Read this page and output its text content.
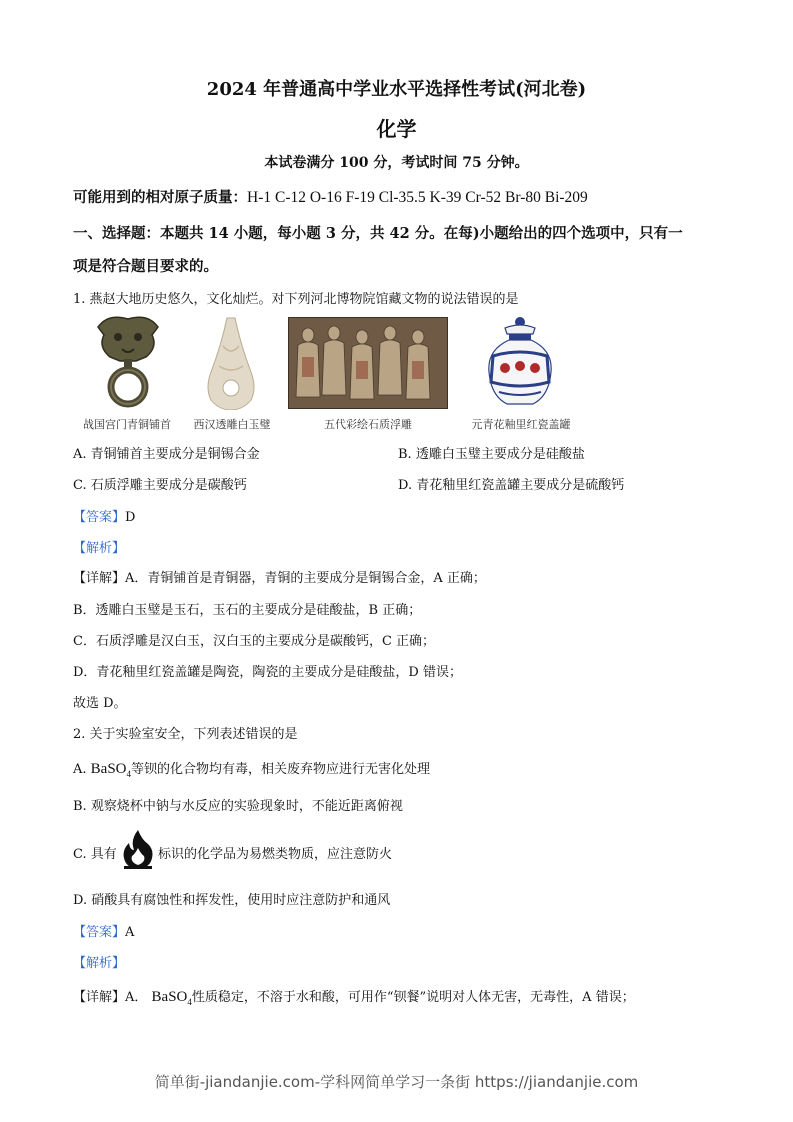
2024 年普通高中学业水平选择性考试(河北卷)
化学
本试卷满分 100 分，考试时间 75 分钟。
可能用到的相对原子质量：H-1 C-12 O-16 F-19 Cl-35.5 K-39 Cr-52 Br-80 Bi-209
一、选择题：本题共 14 小题，每小题 3 分，共 42 分。在每)小题给出的四个选项中，只有一
项是符合题目要求的。
1. 燕赵大地历史悠久，文化灿烂。对下列河北博物院馆藏文物的说法错误的是
战国宫门青铜铺首	西汉透雕白玉璧	五代彩绘石质浮雕	元青花釉里红瓷盖罐
A. 青铜铺首主要成分是铜锡合金	B. 透雕白玉璧主要成分是硅酸盐
C. 石质浮雕主要成分是碳酸钙	D. 青花釉里红瓷盖罐主要成分是硫酸钙
【答案】D
【解析】
【详解】A．青铜铺首是青铜器，青铜的主要成分是铜锡合金，A 正确；
B．透雕白玉璧是玉石，玉石的主要成分是硅酸盐，B 正确；
C．石质浮雕是汉白玉，汉白玉的主要成分是碳酸钙，C 正确；
D．青花釉里红瓷盖罐是陶瓷，陶瓷的主要成分是硅酸盐，D 错误；
故选 D。
2. 关于实验室安全，下列表述错误的是
A. BaSO$_4$等钡的化合物均有毒，相关废弃物应进行无害化处理
B. 观察烧杯中钠与水反应的实验现象时，不能近距离俯视
C. 具有	标识的化学品为易燃类物质，应注意防火
D. 硝酸具有腐蚀性和挥发性，使用时应注意防护和通风
【答案】A
【解析】
【详解】A． BaSO$_4$性质稳定，不溶于水和酸，可用作“钡餐”说明对人体无害，无毒性，A 错误；
简单街-jiandanjie.com-学科网简单学习一条街 https://jiandanjie.com
